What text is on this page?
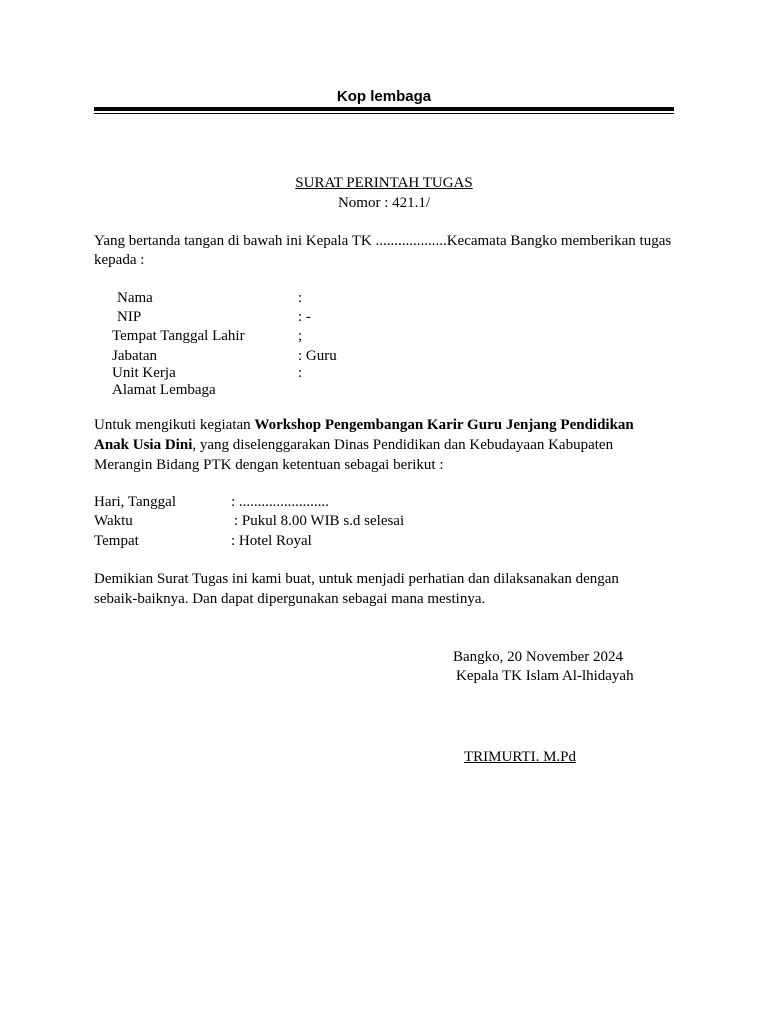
Kop lembaga
SURAT PERINTAH TUGAS
Nomor : 421.1/
Yang bertanda tangan di bawah ini Kepala TK ...................Kecamata Bangko memberikan tugas
kepada :
Nama	:
NIP	: -
Tempat Tanggal Lahir	;
Jabatan	: Guru
Unit Kerja	:
Alamat Lembaga
Untuk mengikuti kegiatan Workshop Pengembangan Karir Guru Jenjang Pendidikan
Anak Usia Dini, yang diselenggarakan Dinas Pendidikan dan Kebudayaan Kabupaten
Merangin Bidang PTK dengan ketentuan sebagai berikut :
Hari, Tanggal	: ........................
Waktu	: Pukul 8.00 WIB s.d selesai
Tempat	: Hotel Royal
Demikian Surat Tugas ini kami buat, untuk menjadi perhatian dan dilaksanakan dengan
sebaik-baiknya. Dan dapat dipergunakan sebagai mana mestinya.
Bangko, 20 November 2024
Kepala TK Islam Al-lhidayah
TRIMURTI. M.Pd
